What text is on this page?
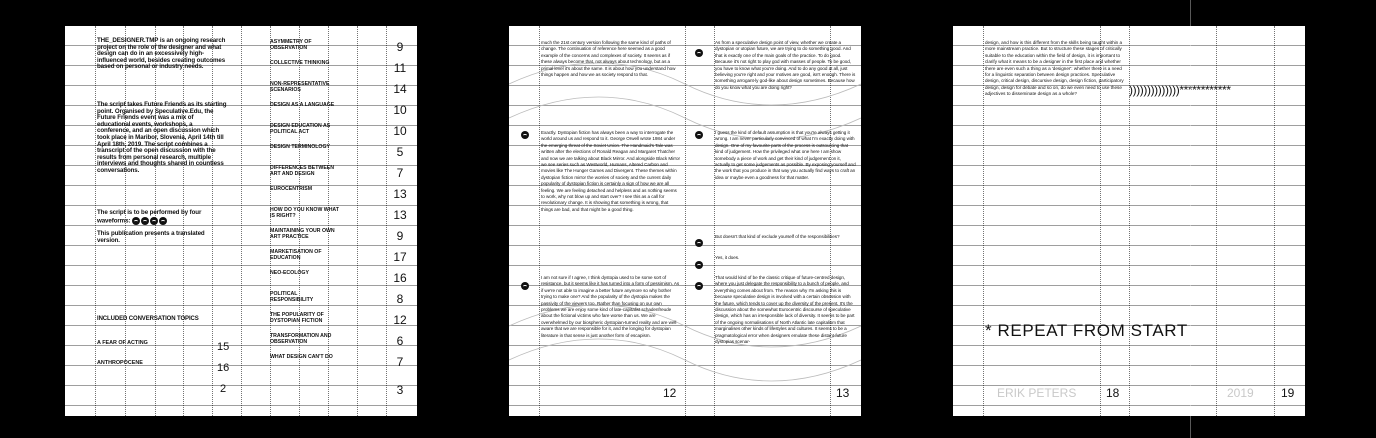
THE_DESIGNER.TMP is an ongoing research project on the role of the designer and what design can do in an excessively high-influenced world, besides creating outcomes based on personal or industry needs.
The script takes Future Friends as its starting point. Organised by Speculative.Edu, the Future Friends event was a mix of educational events, workshops, a conference, and an open discussion which took place in Maribor, Slovenia, April 14th till April 18th, 2019. The script combines a transcript of the open discussion with the results from personal research, multiple interviews and thoughts shared in countless conversations.
The script is to be performed by four waveforms:
This publication presents a translated version.
INCLUDED CONVERSATION TOPICS
A FEAR OF ACTING	15
ANTHROPOCENE	16
2
ASYMMETRY OF OBSERVATION	9
COLLECTIVE THINKING	11
NON-REPRESENTATIVE SCENARIOS	14
DESIGN AS A LANGUAGE	10
DESIGN EDUCATION AS POLITICAL ACT	10
DESIGN TERMINOLOGY	5
DIFFERENCES BETWEEN ART AND DESIGN	7
EUROCENTRISM	13
HOW DO YOU KNOW WHAT IS RIGHT?	13
MAINTAINING YOUR OWN ART PRACTICE	9
MARKETISATION OF EDUCATION	17
NEO-ECOLOGY	16
POLITICAL RESPONSIBILITY	8
THE POPULARITY OF DYSTOPIAN FICTION	12
TRANSFORMATION AND OBSERVATION	6
WHAT DESIGN CAN'T DO	7
3
much the 21st century version following the same kind of paths of change. The continuation of reference here seemed as a good example of the concerns and complexes of society. It seems as if these always become that, not always about technology, but as a primal level it's about the same. It is about how you understand how things happen and how we as society respond to that.
Exactly. Dystopian fiction has always been a way to interrogate the world around us and respond to it. George Orwell wrote 1984 under the emerging threat of the Soviet Union. The Handmaid's Tale was written after the elections of Ronald Reagan and Margaret Thatcher and now we are talking about Black Mirror. And alongside Black Mirror we see series such as Westworld, Humans, Altered Carbon and movies like The Hunger Games and Divergent. These themes within dystopian fiction mirror the worries of society and the current daily popularity of dystopian fiction is certainly a sign of how we are all feeling. We are feeling detached and helpless and as nothing seems to work, why not blow up and start over? I see this as a call for revolutionary change. It is showing that something is wrong, that things are bad, and that might be a good thing.
I am not sure if I agree, I think dystopia used to be some sort of resistance, but it seems like it has turned into a form of pessimism. As if we're not able to imagine a better future anymore so why bother trying to make one? And the popularity of the dystopia makes the passivity of the viewers too. Rather than focusing on our own problems we are enjoy some kind of late-capitalist schadenfreude about the fictional victims who fare worse than us. We are overwhelmed by our biospheric dystopian-turned reality and are well aware that we are responsible for it, and the longing for dystopian literature in that sense is just another form of escapism.
As from a speculative design point of view, whether we create a dystopian or utopian future, we are trying to do something good. And that is exactly one of the main goals of the practice. To do good. Because it's not right to play god with masses of people. To be good, you have to know what you're doing. And to do any good at all, just believing you're right and your motives are good, isn't enough. There is something arrogant-ly god-like about design sometimes. Because how do you know what you are doing right?
I guess the kind of default assumption is that you're always getting it wrong. I am never particularly convinced of what I'm exactly doing with design. One of my favourite parts of the process is outsourcing that kind of judgement. How the privileged what one here I am show somebody a piece of work and get their kind of judgement on it, actually to get some judgements as possible. By exposing yourself and the work that you produce in that way you actually find ways to craft an idea or maybe even a goodness for that matter.
But doesn't that kind of exclude yourself of the responsibilities?
Yes, it does.
That would kind of be the classic critique of future-centred design, where you just delegate the responsibility to a bunch of people, and everything comes about from. The reason why I'm asking this is because speculative design is involved with a certain obsession with the future, which tends to cover up the diversity of the present. It's the discussion about the somewhat Eurocentric discourse of speculative design, which has an irresponsible lack of diversity. It seems to be part of the ongoing normalisations of North Atlantic late capitalism that marginalises other kinds of lifestyles and cultures. It seems to be a pragmatological error when designers emulate these distant-future dystopias scenar-
12	13
design, and how is this different from the skills being taught within a more mainstream practice. But to structure these stages of critically suitable to the education within the field of design, it is important to clarify what it means to be a designer in the first place and whether there are even such a thing as a 'designer': whether there is a need for a linguistic separation between design practices. Speculative design, critical design, discursive design, design fiction, participatory design, design for debate and so on, do we even need to use these adjectives to disseminate design as a whole?	))))))))))))))************
* REPEAT FROM START
ERIK PETERS 18	2019 19
